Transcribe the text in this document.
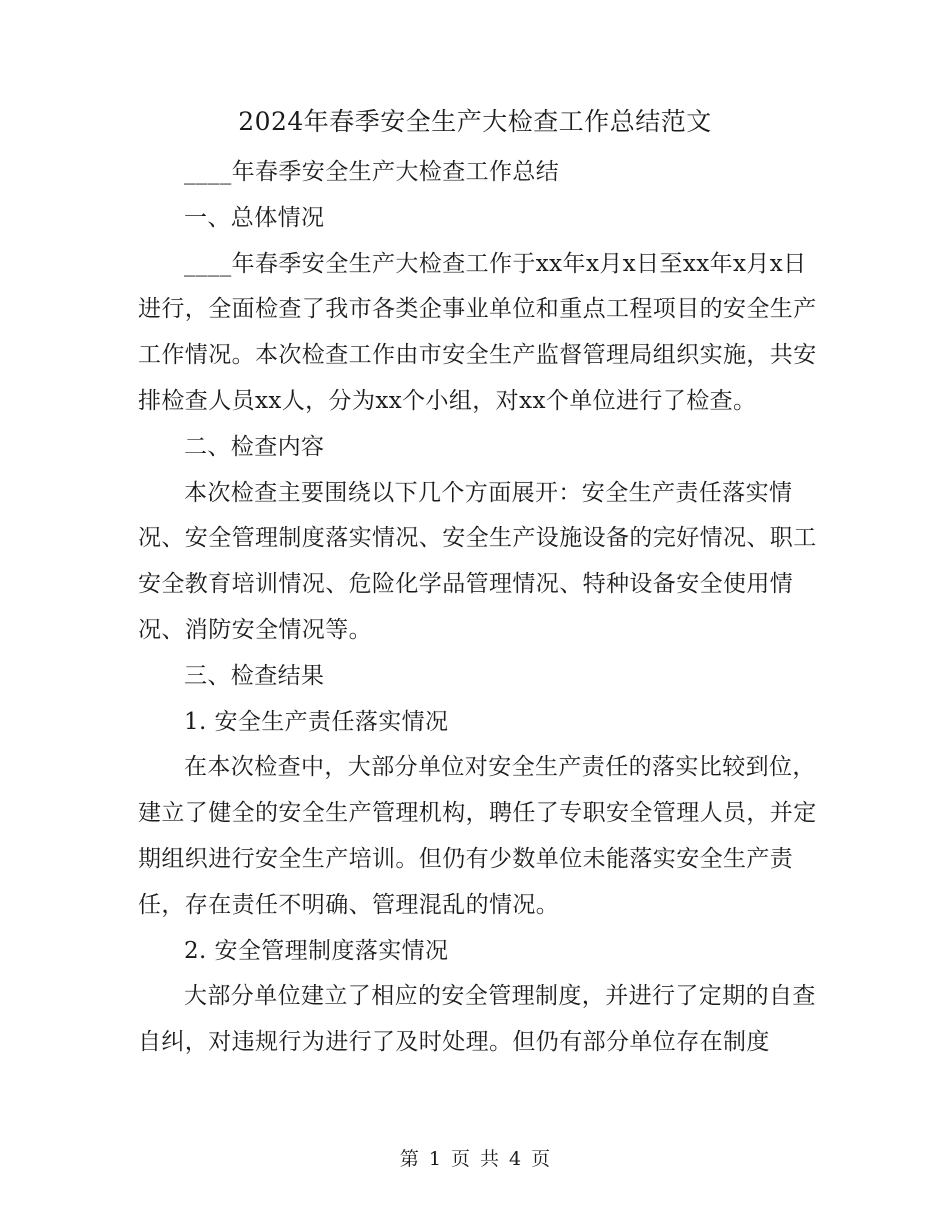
2024年春季安全生产大检查工作总结范文

____年春季安全生产大检查工作总结

一、总体情况

____年春季安全生产大检查工作于xx年x月x日至xx年x月x日进行，全面检查了我市各类企事业单位和重点工程项目的安全生产工作情况。本次检查工作由市安全生产监督管理局组织实施，共安排检查人员xx人，分为xx个小组，对xx个单位进行了检查。

二、检查内容

本次检查主要围绕以下几个方面展开：安全生产责任落实情况、安全管理制度落实情况、安全生产设施设备的完好情况、职工安全教育培训情况、危险化学品管理情况、特种设备安全使用情况、消防安全情况等。

三、检查结果

1. 安全生产责任落实情况

在本次检查中，大部分单位对安全生产责任的落实比较到位，建立了健全的安全生产管理机构，聘任了专职安全管理人员，并定期组织进行安全生产培训。但仍有少数单位未能落实安全生产责任，存在责任不明确、管理混乱的情况。

2. 安全管理制度落实情况

大部分单位建立了相应的安全管理制度，并进行了定期的自查自纠，对违规行为进行了及时处理。但仍有部分单位存在制度

第 1 页 共 4 页
